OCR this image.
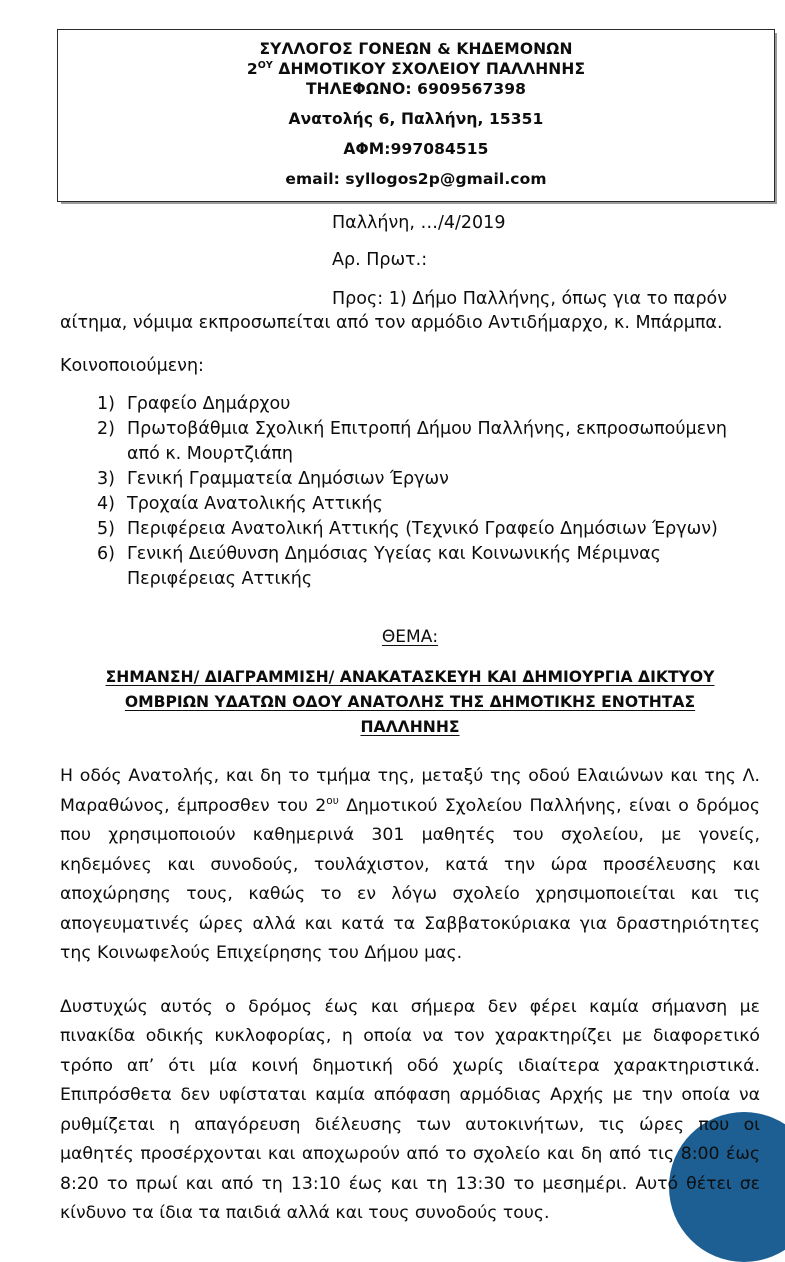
ΣΥΛΛΟΓΟΣ ΓΟΝΕΩΝ & ΚΗΔΕΜΟΝΩΝ
$2^{O\Upsilon}$ ΔΗΜΟΤΙΚΟΥ ΣΧΟΛΕΙΟΥ ΠΑΛΛΗΝΗΣ
ΤΗΛΕΦΩΝΟ: 6909567398
Ανατολής 6, Παλλήνη, 15351
ΑΦΜ:997084515
email: syllogos2p@gmail.com
Παλλήνη, …/4/2019
Αρ. Πρωτ.:
Προς: 1) Δήμο Παλλήνης, όπως για το παρόν
αίτημα, νόμιμα εκπροσωπείται από τον αρμόδιο Αντιδήμαρχο, κ. Μπάρμπα.
Κοινοποιούμενη:
1) Γραφείο Δημάρχου
2) Πρωτοβάθμια Σχολική Επιτροπή Δήμου Παλλήνης, εκπροσωπούμενη από κ. Μουρτζιάπη
3) Γενική Γραμματεία Δημόσιων Έργων
4) Τροχαία Ανατολικής Αττικής
5) Περιφέρεια Ανατολική Αττικής (Τεχνικό Γραφείο Δημόσιων Έργων)
6) Γενική Διεύθυνση Δημόσιας Υγείας και Κοινωνικής Μέριμνας Περιφέρειας Αττικής
ΘΕΜΑ:
ΣΗΜΑΝΣΗ/ ΔΙΑΓΡΑΜΜΙΣΗ/ ΑΝΑΚΑΤΑΣΚΕΥΗ ΚΑΙ ΔΗΜΙΟΥΡΓΙΑ ΔΙΚΤΥΟΥ
ΟΜΒΡΙΩΝ ΥΔΑΤΩΝ ΟΔΟΥ ΑΝΑΤΟΛΗΣ ΤΗΣ ΔΗΜΟΤΙΚΗΣ ΕΝΟΤΗΤΑΣ
ΠΑΛΛΗΝΗΣ

Η οδός Ανατολής, και δη το τμήμα της, μεταξύ της οδού Ελαιώνων και της Λ. Μαραθώνος, έμπροσθεν του $2^{o\upsilon}$ Δημοτικού Σχολείου Παλλήνης, είναι ο δρόμος που χρησιμοποιούν καθημερινά 301 μαθητές του σχολείου, με γονείς, κηδεμόνες και συνοδούς, τουλάχιστον, κατά την ώρα προσέλευσης και αποχώρησης τους, καθώς το εν λόγω σχολείο χρησιμοποιείται και τις απογευματινές ώρες αλλά και κατά τα Σαββατοκύριακα για δραστηριότητες της Κοινωφελούς Επιχείρησης του Δήμου μας.

Δυστυχώς αυτός ο δρόμος έως και σήμερα δεν φέρει καμία σήμανση με πινακίδα οδικής κυκλοφορίας, η οποία να τον χαρακτηρίζει με διαφορετικό τρόπο απ’ ότι μία κοινή δημοτική οδό χωρίς ιδιαίτερα χαρακτηριστικά. Επιπρόσθετα δεν υφίσταται καμία απόφαση αρμόδιας Αρχής με την οποία να ρυθμίζεται η απαγόρευση διέλευσης των αυτοκινήτων, τις ώρες που οι μαθητές προσέρχονται και αποχωρούν από το σχολείο και δη από τις 8:00 έως 8:20 το πρωί και από τη 13:10 έως και τη 13:30 το μεσημέρι. Αυτό θέτει σε κίνδυνο τα ίδια τα παιδιά αλλά και τους συνοδούς τους.
